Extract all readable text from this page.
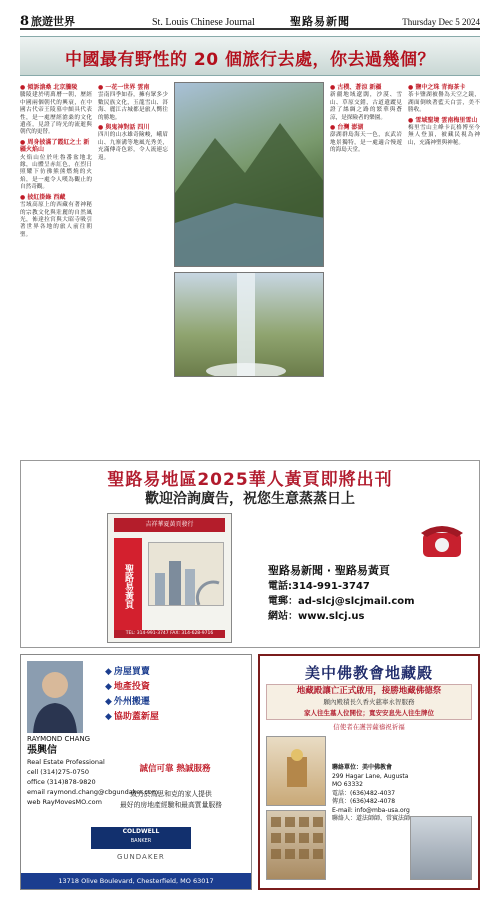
8 旅遊世界	St. Louis Chinese Journal	聖路易新聞	Thursday Dec 5 2024
中國最有野性的 20 個旅行去處，你去過幾個？
● 傾訴滄桑 北京騰陵

騰陵建於明萬曆一朝，歷經中國兩個朝代的興衰，在中國古代帝王陵墓中頗具代表性，是一處歷經滄桑的文化遺產，見證了時光的流逝與朝代的更替。

● 周身披滿了霞紅之土 新疆火焰山

火焰山位於吐魯番盆地北緣，山體呈赤紅色，在烈日照耀下彷彿熊熊燃燒的火焰，是一處令人嘆為觀止的自然奇觀。

● 披紅掛綠 西藏

雪域高原上的西藏有著神秘的宗教文化與壯麗的自然風光，佈達拉宮與大昭寺吸引著世界各地的旅人前往朝聖。

● 一花一世界 雲南

雲南四季如春，擁有眾多少數民族文化，玉龍雪山、洱海、麗江古城都是旅人嚮往的勝地。

● 與鬼神對話 四川

四川的山水雄奇險峻，峨眉山、九寨溝等地風光秀美，充滿傳奇色彩，令人流連忘返。

● 古樸、蒼涼 新疆

新疆地域遼闊，沙漠、雪山、草原交錯，古道遺蹤見證了絲綢之路的繁華與蒼涼，是探險者的樂園。

● 台灣 澎湖

澎湖群島海天一色，玄武岩地景獨特，是一處適合慢遊的海島天堂。

● 鹽中之珠 青海茶卡

茶卡鹽湖被譽為天空之鏡，湖面倒映著藍天白雲，美不勝收。

● 雪域聖境 雲南梅里雪山

梅里雪山主峰卡瓦格博至今無人登頂，被藏民視為神山，充滿神聖與神秘。

聖路易地區2025華人黃頁即將出刊
歡迎洽詢廣告，祝您生意蒸蒸日上
吉祥華夏黃頁發行
聖路易黃頁
TEL: 314-991-3747 FAX: 314-628-9716
聖路易新聞 · 聖路易黃頁
電話:314-991-3747
電郵：ad-slcj@slcjmail.com
網站：www.slcj.us
RAYMOND CHANG
張興信
Real Estate Professional
cell (314)275-0750
office (314)878-9820
email raymond.chang@cbgundaker.com
web RayMovesMO.com
◆ 房屋買賣
◆ 地產投資
◆ 外州搬遷
◆ 協助蓋新屋
誠信可靠 熱誠服務
致力於為思和克的家人提供
最好的房地產經驗和最高質量服務
COLDWELL
BANKER
GUNDAKER
13718 Olive Boulevard, Chesterfield, MO 63017
美中佛教會地藏殿
地藏殿讓亡正式啟用，接勝地藏佛德祭
願內殿積長久香火慈寧永智服務
家人往生墓人位開位；寬安安息先人往生牌位
信使者在護菩薩禱祝祈福
聯絡單位：美中佛教會
299 Hagar Lane, Augusta
MO 63332
電話：(636)482-4037
傳真：(636)482-4078
E-mail: info@mba-usa.org
聯絡人：道法師師、常賓法師
